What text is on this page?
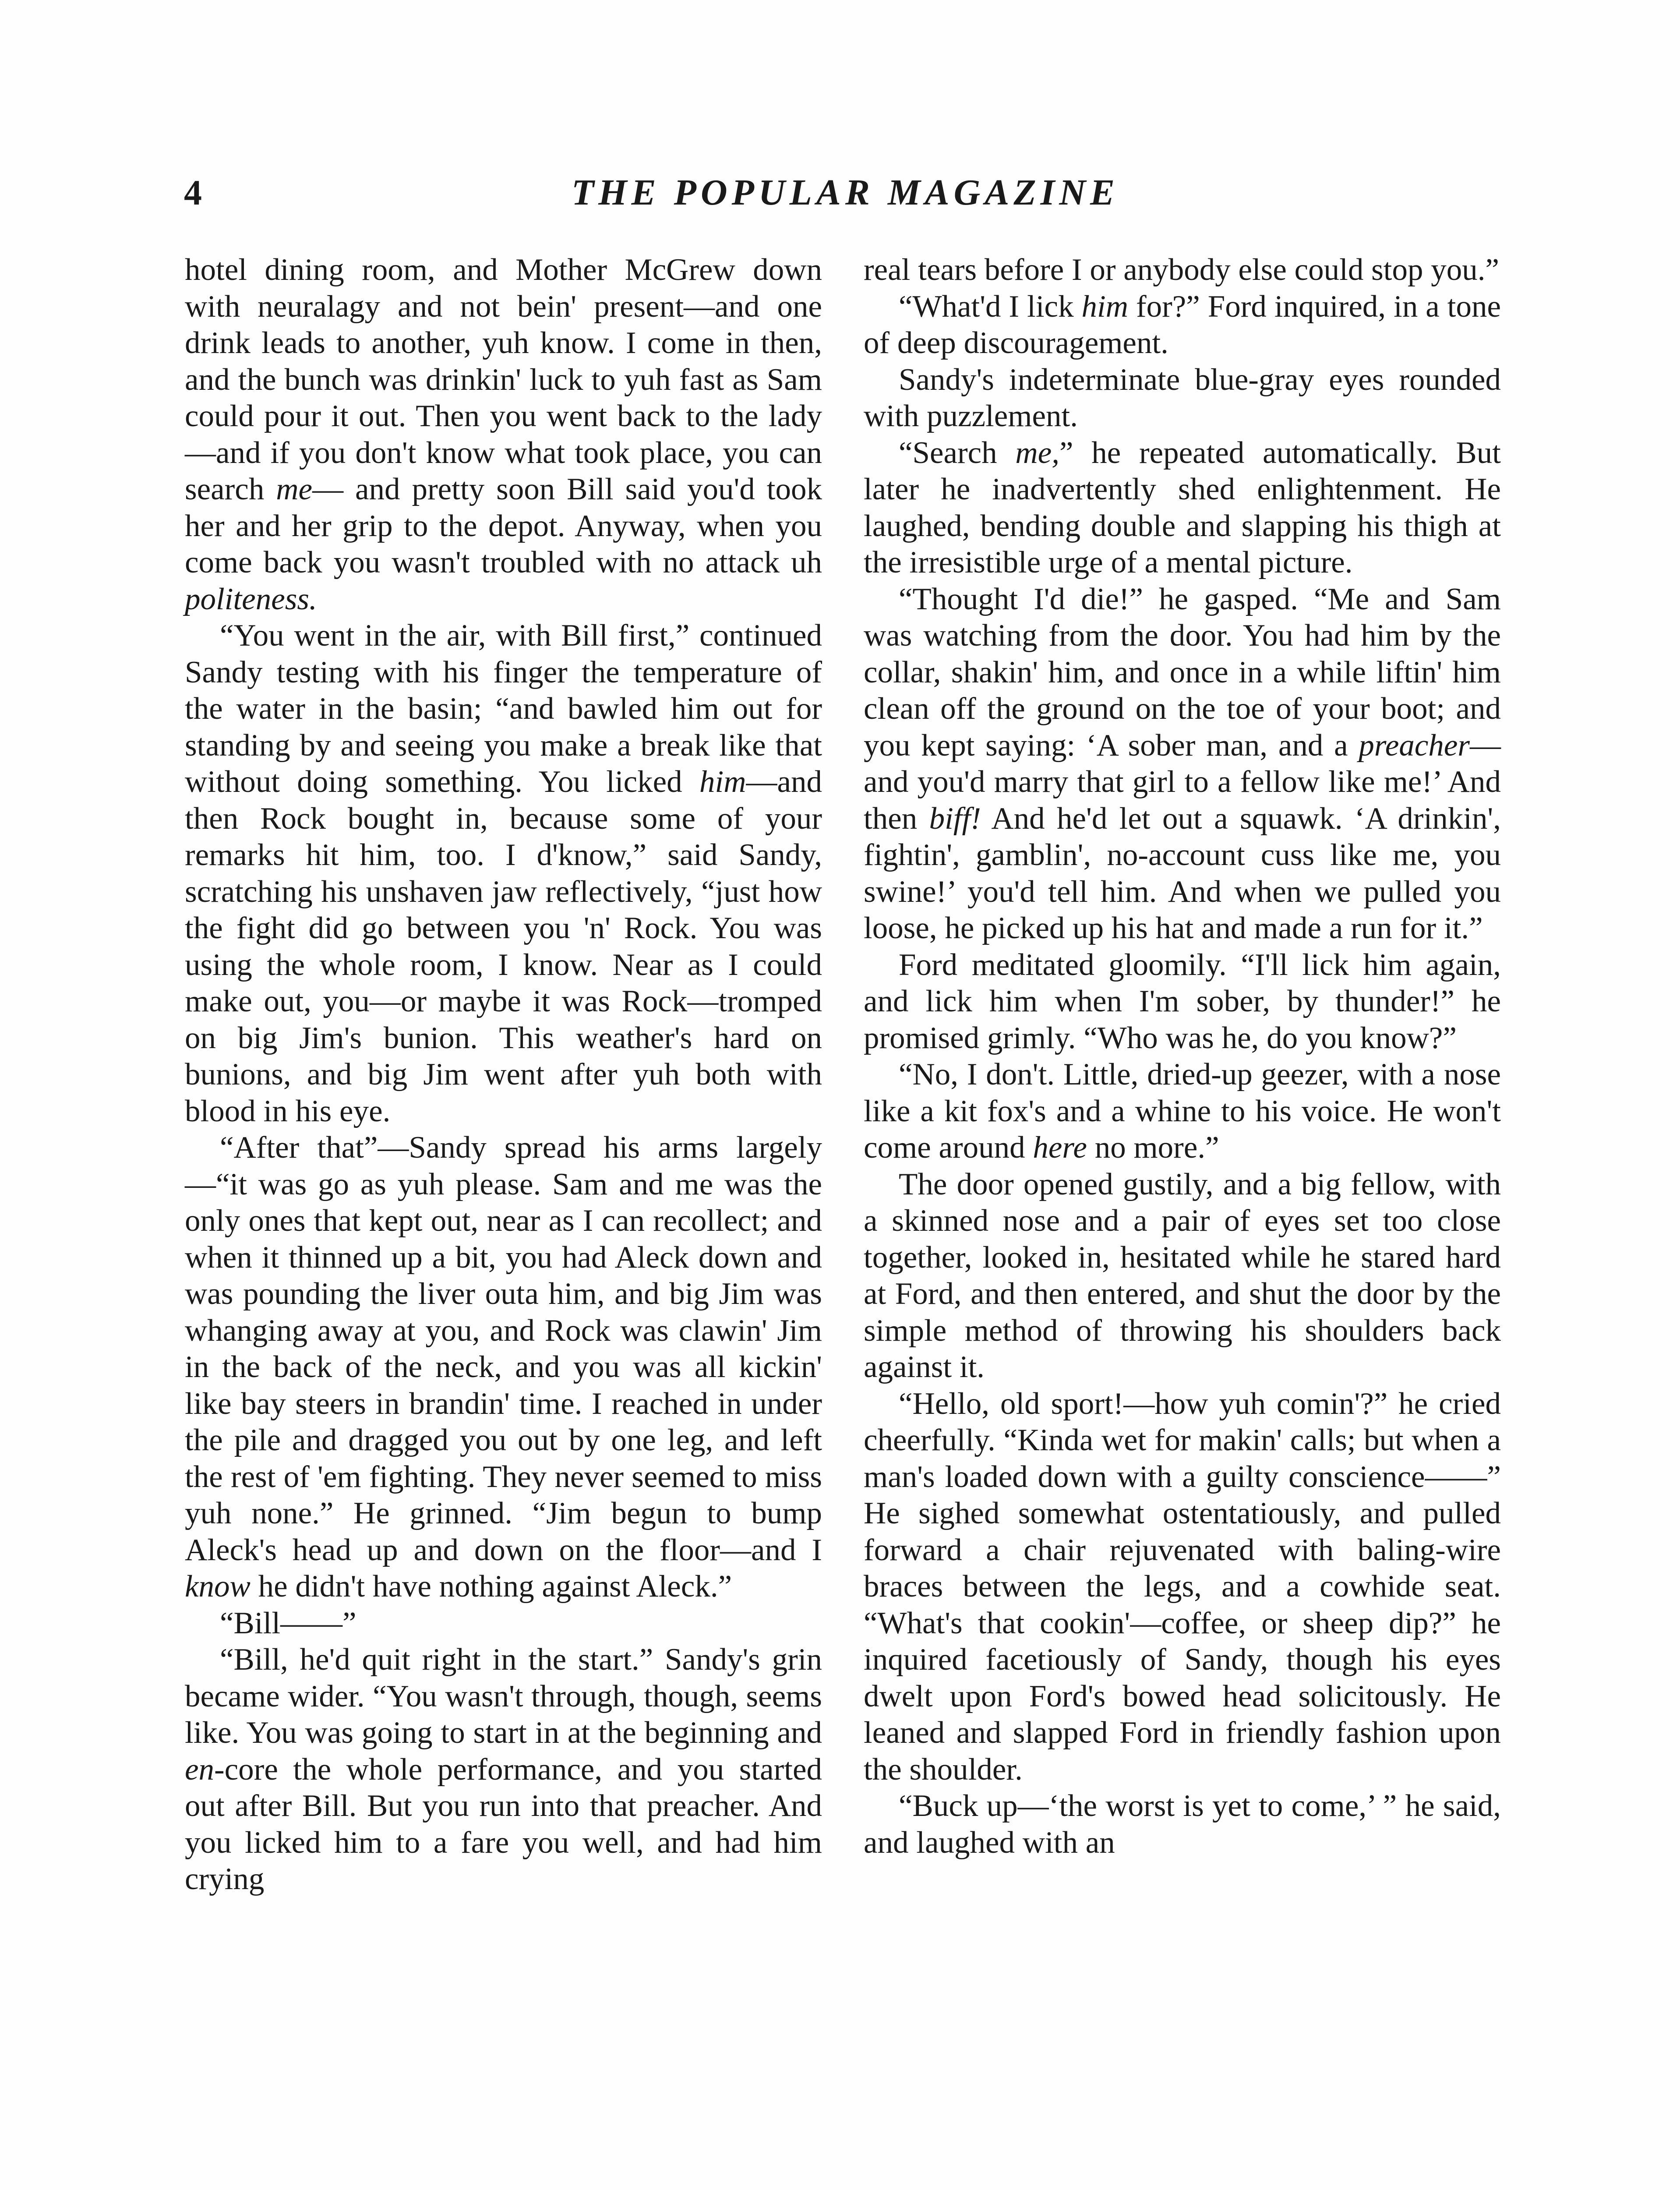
4	THE POPULAR MAGAZINE

hotel dining room, and Mother McGrew down with neuralagy and not bein' present—and one drink leads to another, yuh know. I come in then, and the bunch was drinkin' luck to yuh fast as Sam could pour it out. Then you went back to the lady—and if you don't know what took place, you can search me— and pretty soon Bill said you'd took her and her grip to the depot. Anyway, when you come back you wasn't troubled with no attack uh politeness.

“You went in the air, with Bill first,” continued Sandy testing with his finger the temperature of the water in the basin; “and bawled him out for standing by and seeing you make a break like that without doing something. You licked him—and then Rock bought in, because some of your remarks hit him, too. I d'know,” said Sandy, scratching his unshaven jaw reflectively, “just how the fight did go between you 'n' Rock. You was using the whole room, I know. Near as I could make out, you—or maybe it was Rock—tromped on big Jim's bunion. This weather's hard on bunions, and big Jim went after yuh both with blood in his eye.

“After that”—Sandy spread his arms largely—“it was go as yuh please. Sam and me was the only ones that kept out, near as I can recollect; and when it thinned up a bit, you had Aleck down and was pounding the liver outa him, and big Jim was whanging away at you, and Rock was clawin' Jim in the back of the neck, and you was all kickin' like bay steers in brandin' time. I reached in under the pile and dragged you out by one leg, and left the rest of 'em fighting. They never seemed to miss yuh none.” He grinned. “Jim begun to bump Aleck's head up and down on the floor—and I know he didn't have nothing against Aleck.”

“Bill——”

“Bill, he'd quit right in the start.” Sandy's grin became wider. “You wasn't through, though, seems like. You was going to start in at the beginning and en-core the whole performance, and you started out after Bill. But you run into that preacher. And you licked him to a fare you well, and had him crying

real tears before I or anybody else could stop you.”

“What'd I lick him for?” Ford inquired, in a tone of deep discouragement.

Sandy's indeterminate blue-gray eyes rounded with puzzlement.

“Search me,” he repeated automatically. But later he inadvertently shed enlightenment. He laughed, bending double and slapping his thigh at the irresistible urge of a mental picture.

“Thought I'd die!” he gasped. “Me and Sam was watching from the door. You had him by the collar, shakin' him, and once in a while liftin' him clean off the ground on the toe of your boot; and you kept saying: ‘A sober man, and a preacher—and you'd marry that girl to a fellow like me!’ And then biff! And he'd let out a squawk. ‘A drinkin', fightin', gamblin', no-account cuss like me, you swine!’ you'd tell him. And when we pulled you loose, he picked up his hat and made a run for it.”

Ford meditated gloomily. “I'll lick him again, and lick him when I'm sober, by thunder!” he promised grimly. “Who was he, do you know?”

“No, I don't. Little, dried-up geezer, with a nose like a kit fox's and a whine to his voice. He won't come around here no more.”

The door opened gustily, and a big fellow, with a skinned nose and a pair of eyes set too close together, looked in, hesitated while he stared hard at Ford, and then entered, and shut the door by the simple method of throwing his shoulders back against it.

“Hello, old sport!—how yuh comin'?” he cried cheerfully. “Kinda wet for makin' calls; but when a man's loaded down with a guilty conscience——” He sighed somewhat ostentatiously, and pulled forward a chair rejuvenated with baling-wire braces between the legs, and a cowhide seat. “What's that cookin'—coffee, or sheep dip?” he inquired facetiously of Sandy, though his eyes dwelt upon Ford's bowed head solicitously. He leaned and slapped Ford in friendly fashion upon the shoulder.

“Buck up—‘the worst is yet to come,’ ” he said, and laughed with an
